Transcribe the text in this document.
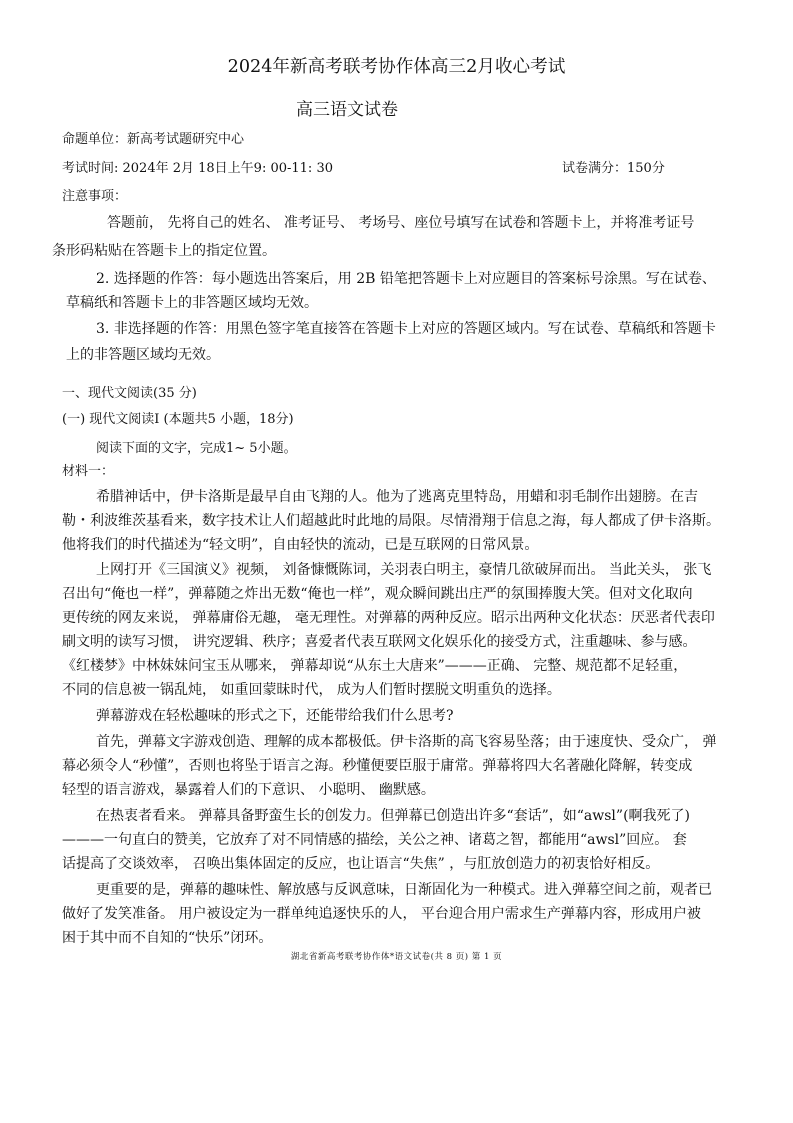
2024年新高考联考协作体高三2月收心考试
高三语文试卷
命题单位：新高考试题研究中心
考试时间: 2024年 2月 18日上午9: 00-11: 30	试卷满分：150分
注意事项：
答题前， 先将自己的姓名、 准考证号、 考场号、座位号填写在试卷和答题卡上，并将准考证号
条形码粘贴在答题卡上的指定位置。
2. 选择题的作答：每小题选出答案后，用 2B 铅笔把答题卡上对应题目的答案标号涂黑。写在试卷、
草稿纸和答题卡上的非答题区域均无效。
3. 非选择题的作答：用黑色签字笔直接答在答题卡上对应的答题区域内。写在试卷、草稿纸和答题卡
上的非答题区域均无效。
一、现代文阅读(35 分)
(一) 现代文阅读Ⅰ (本题共5 小题，18分)
阅读下面的文字，完成1~ 5小题。
材料一：
希腊神话中，伊卡洛斯是最早自由飞翔的人。他为了逃离克里特岛，用蜡和羽毛制作出翅膀。在吉
勒・利波维茨基看来，数字技术让人们超越此时此地的局限。尽情滑翔于信息之海，每人都成了伊卡洛斯。
他将我们的时代描述为“轻文明”，自由轻快的流动，已是互联网的日常风景。
上网打开《三国演义》视频， 刘备慷慨陈词，关羽表白明主，豪情几欲破屏而出。 当此关头， 张飞
召出句“俺也一样”，弹幕随之炸出无数“俺也一样”，观众瞬间跳出庄严的氛围捧腹大笑。但对文化取向
更传统的网友来说， 弹幕庸俗无趣， 毫无理性。对弹幕的两种反应。昭示出两种文化状态：厌恶者代表印
刷文明的读写习惯， 讲究逻辑、秩序；喜爱者代表互联网文化娱乐化的接受方式，注重趣味、参与感。
《红楼梦》中林妹妹问宝玉从哪来， 弹幕却说“从东土大唐来”———正确、 完整、规范都不足轻重，
不同的信息被一锅乱炖， 如重回蒙昧时代， 成为人们暂时摆脱文明重负的选择。
弹幕游戏在轻松趣味的形式之下，还能带给我们什么思考?
首先，弹幕文字游戏创造、理解的成本都极低。伊卡洛斯的高飞容易坠落；由于速度快、受众广， 弹
幕必须令人“秒懂”，否则也将坠于语言之海。秒懂便要臣服于庸常。弹幕将四大名著融化降解，转变成
轻型的语言游戏，暴露着人们的下意识、 小聪明、 幽默感。
在热衷者看来。 弹幕具备野蛮生长的创发力。但弹幕已创造出许多“套话”，如“awsl”(啊我死了)
———一句直白的赞美，它放弃了对不同情感的描绘，关公之神、诸葛之智，都能用“awsl”回应。 套
话提高了交谈效率， 召唤出集体固定的反应，也让语言“失焦” ，与肛放创造力的初衷恰好相反。
更重要的是，弹幕的趣味性、解放感与反讽意味，日渐固化为一种模式。进入弹幕空间之前，观者已
做好了发笑准备。 用户被设定为一群单纯追逐快乐的人， 平台迎合用户需求生产弹幕内容，形成用户被
困于其中而不自知的“快乐”闭环。
湖北省新高考联考协作体*语文试卷(共 8 页) 第 1 页
